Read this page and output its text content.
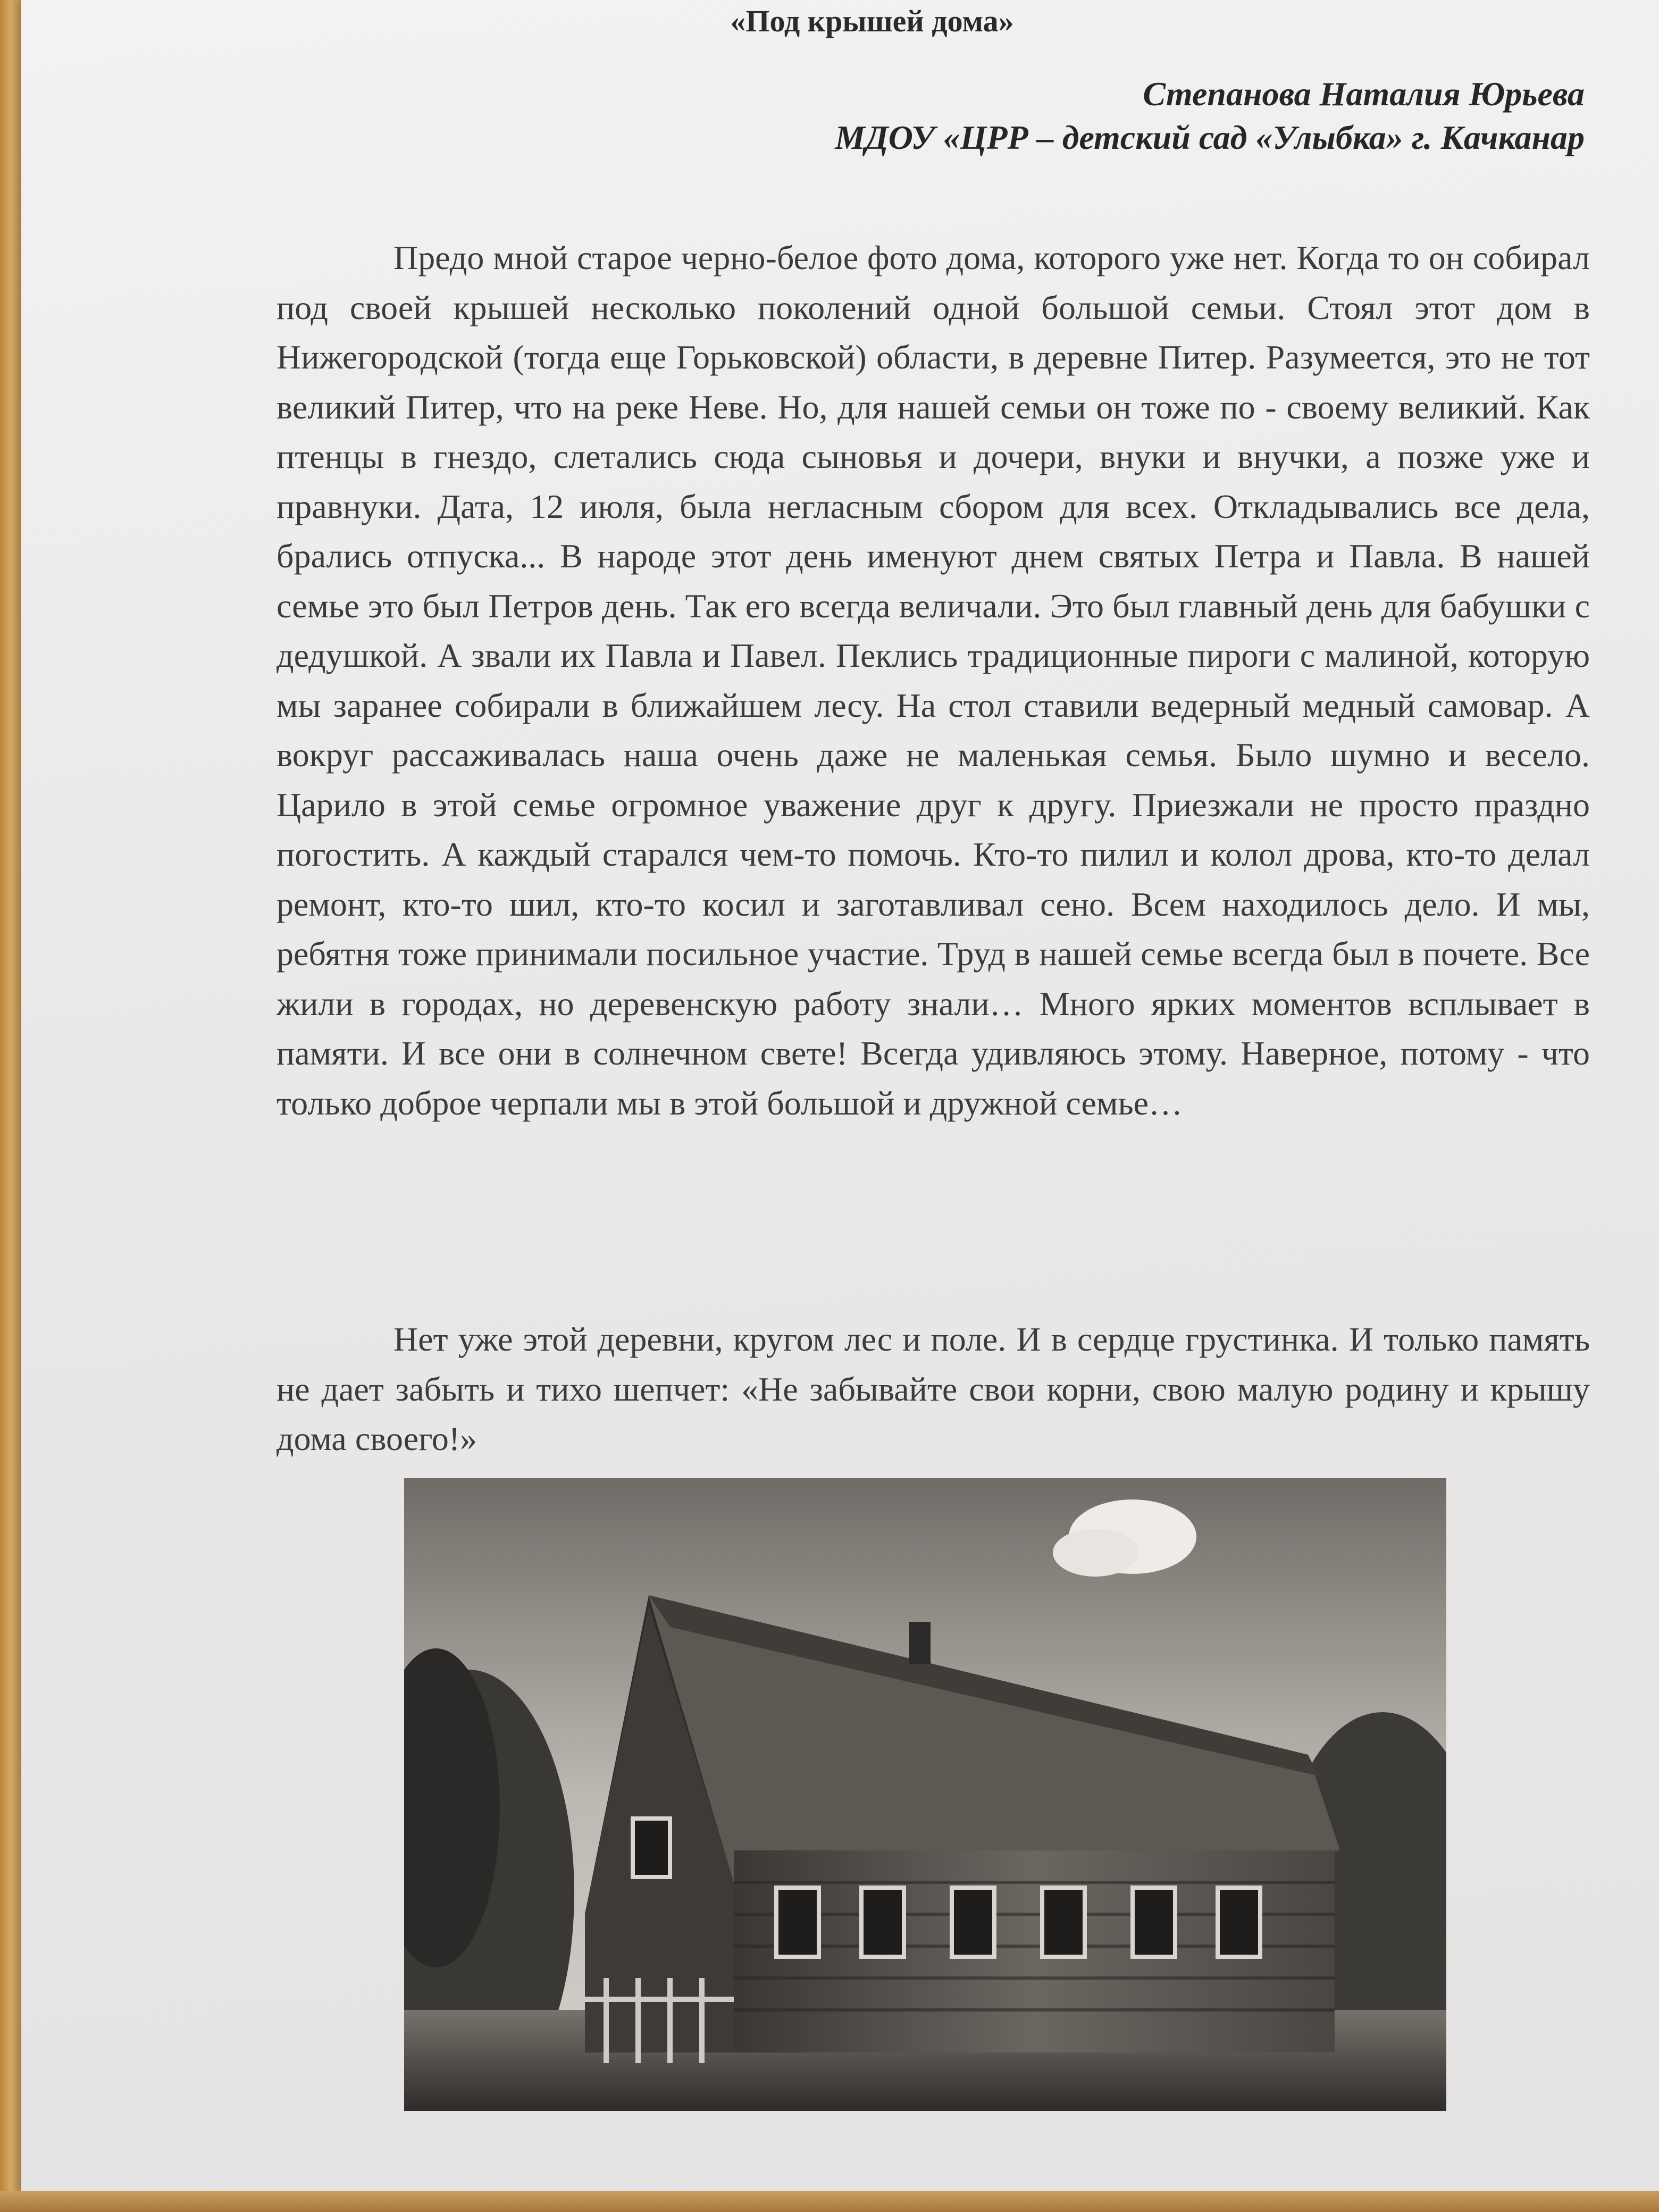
«Под крышей дома»
Степанова Наталия Юрьева
МДОУ «ЦРР – детский сад «Улыбка» г. Качканар

Предо мной старое черно-белое фото дома, которого уже нет. Когда то он собирал под своей крышей несколько поколений одной большой семьи. Стоял этот дом в Нижегородской (тогда еще Горьковской) области, в деревне Питер. Разумеется, это не тот великий Питер, что на реке Неве. Но, для нашей семьи он тоже по - своему великий. Как птенцы в гнездо, слетались сюда сыновья и дочери, внуки и внучки, а позже уже и правнуки. Дата, 12 июля, была негласным сбором для всех. Откладывались все дела, брались отпуска... В народе этот день именуют днем святых Петра и Павла. В нашей семье это был Петров день. Так его всегда величали. Это был главный день для бабушки с дедушкой. А звали их Павла и Павел. Пеклись традиционные пироги с малиной, которую мы заранее собирали в ближайшем лесу. На стол ставили ведерный медный самовар. А вокруг рассаживалась наша очень даже не маленькая семья. Было шумно и весело. Царило в этой семье огромное уважение друг к другу. Приезжали не просто праздно погостить. А каждый старался чем-то помочь. Кто-то пилил и колол дрова, кто-то делал ремонт, кто-то шил, кто-то косил и заготавливал сено. Всем находилось дело. И мы, ребятня тоже принимали посильное участие. Труд в нашей семье всегда был в почете. Все жили в городах, но деревенскую работу знали… Много ярких моментов всплывает в памяти. И все они в солнечном свете! Всегда удивляюсь этому. Наверное, потому - что только доброе черпали мы в этой большой и дружной семье…

Нет уже этой деревни, кругом лес и поле. И в сердце грустинка. И только память не дает забыть и тихо шепчет: «Не забывайте свои корни, свою малую родину и крышу дома своего!»
